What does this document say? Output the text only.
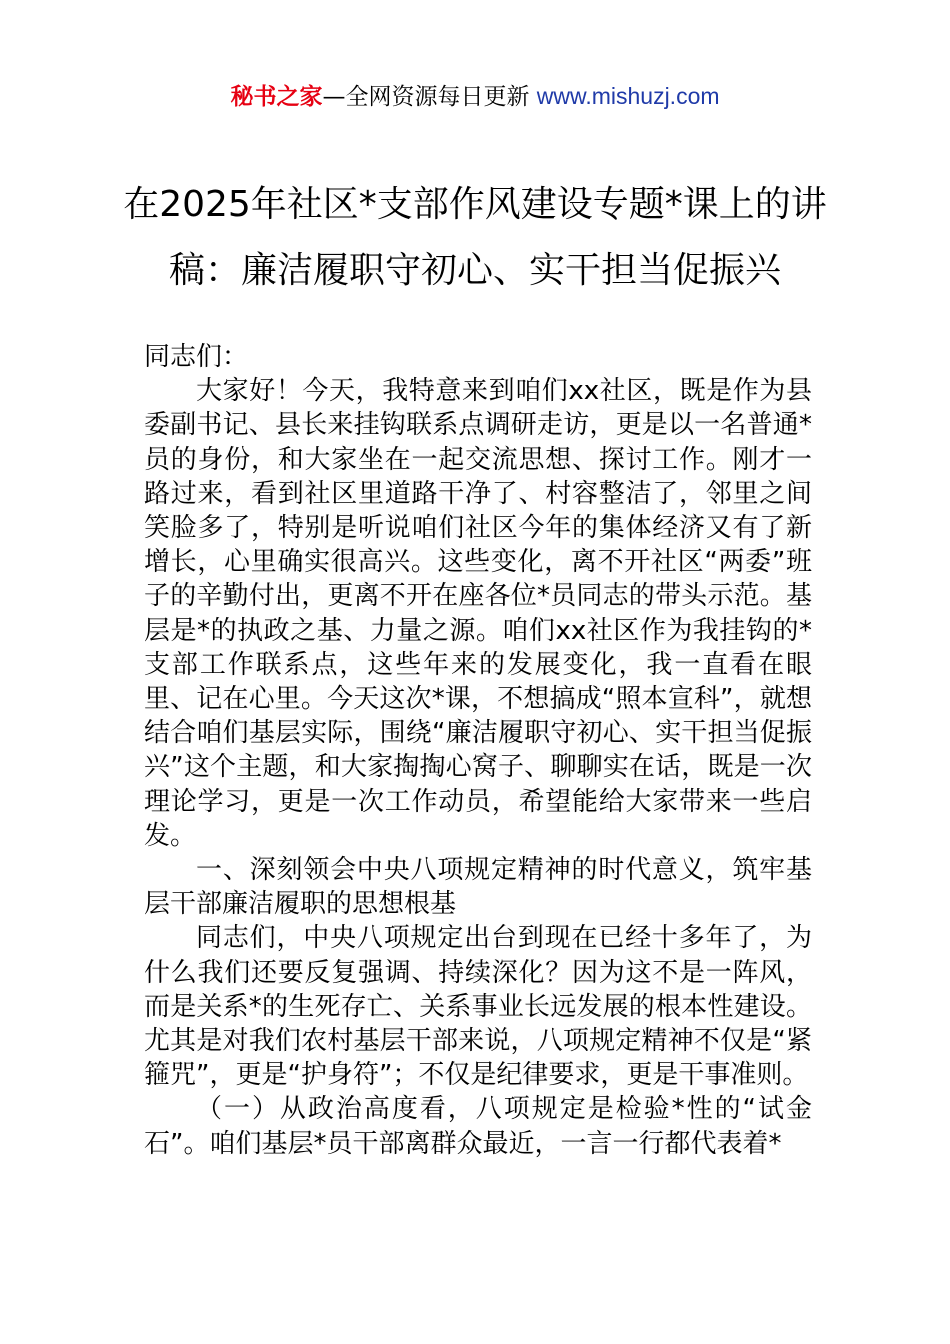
秘书之家—全网资源每日更新 www.mishuzj.com
在2025年社区*支部作风建设专题*课上的讲稿：廉洁履职守初心、实干担当促振兴

同志们：

大家好！今天，我特意来到咱们xx社区，既是作为县委副书记、县长来挂钩联系点调研走访，更是以一名普通*员的身份，和大家坐在一起交流思想、探讨工作。刚才一路过来，看到社区里道路干净了、村容整洁了，邻里之间笑脸多了，特别是听说咱们社区今年的集体经济又有了新增长，心里确实很高兴。这些变化，离不开社区“两委”班子的辛勤付出，更离不开在座各位*员同志的带头示范。基层是*的执政之基、力量之源。咱们xx社区作为我挂钩的*支部工作联系点，这些年来的发展变化，我一直看在眼里、记在心里。今天这次*课，不想搞成“照本宣科”，就想结合咱们基层实际，围绕“廉洁履职守初心、实干担当促振兴”这个主题，和大家掏掏心窝子、聊聊实在话，既是一次理论学习，更是一次工作动员，希望能给大家带来一些启发。

一、深刻领会中央八项规定精神的时代意义，筑牢基层干部廉洁履职的思想根基

同志们，中央八项规定出台到现在已经十多年了，为什么我们还要反复强调、持续深化？因为这不是一阵风，而是关系*的生死存亡、关系事业长远发展的根本性建设。尤其是对我们农村基层干部来说，八项规定精神不仅是“紧箍咒”，更是“护身符”；不仅是纪律要求，更是干事准则。

（一）从政治高度看，八项规定是检验*性的“试金石”。咱们基层*员干部离群众最近，一言一行都代表着*
